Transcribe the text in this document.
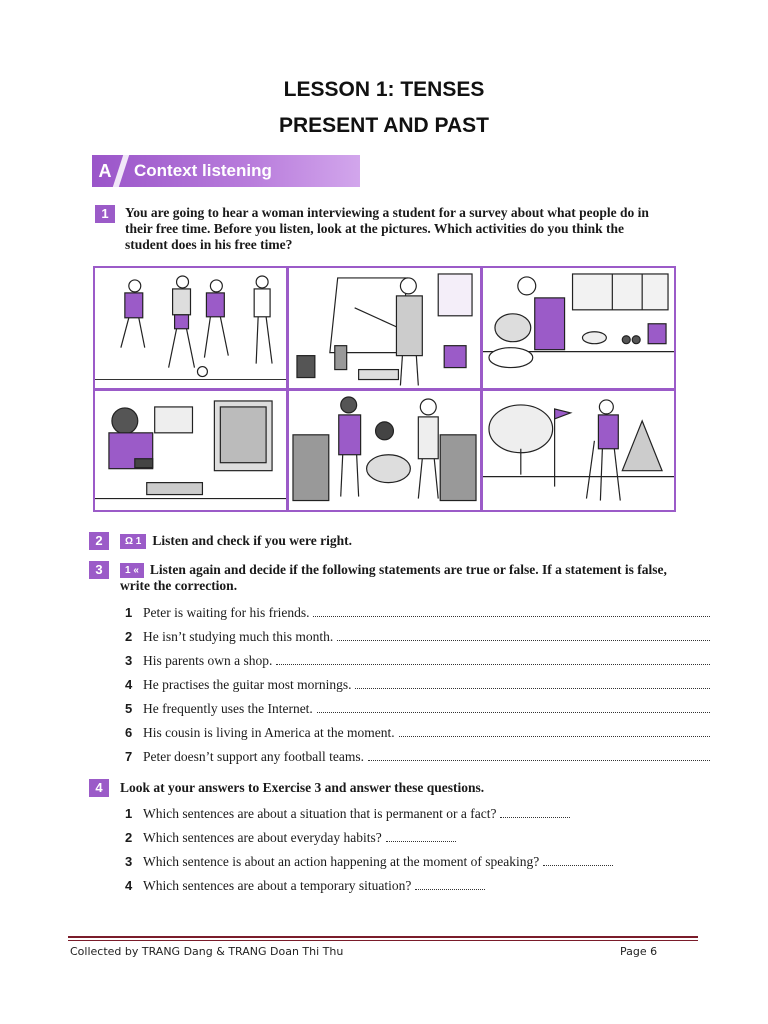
LESSON 1: TENSES
PRESENT AND PAST
A	Context listening
1	You are going to hear a woman interviewing a student for a survey about what people do in their free time. Before you listen, look at the pictures. Which activities do you think the student does in his free time?
2	Ω 1 Listen and check if you were right.
3	1 « Listen again and decide if the following statements are true or false. If a statement is false, write the correction.
1 Peter is waiting for his friends.
2 He isn’t studying much this month.
3 His parents own a shop.
4 He practises the guitar most mornings.
5 He frequently uses the Internet.
6 His cousin is living in America at the moment.
7 Peter doesn’t support any football teams.
4	Look at your answers to Exercise 3 and answer these questions.
1 Which sentences are about a situation that is permanent or a fact?
2 Which sentences are about everyday habits?
3 Which sentence is about an action happening at the moment of speaking?
4 Which sentences are about a temporary situation?
Collected by TRANG Dang & TRANG Doan Thi Thu	Page 6
